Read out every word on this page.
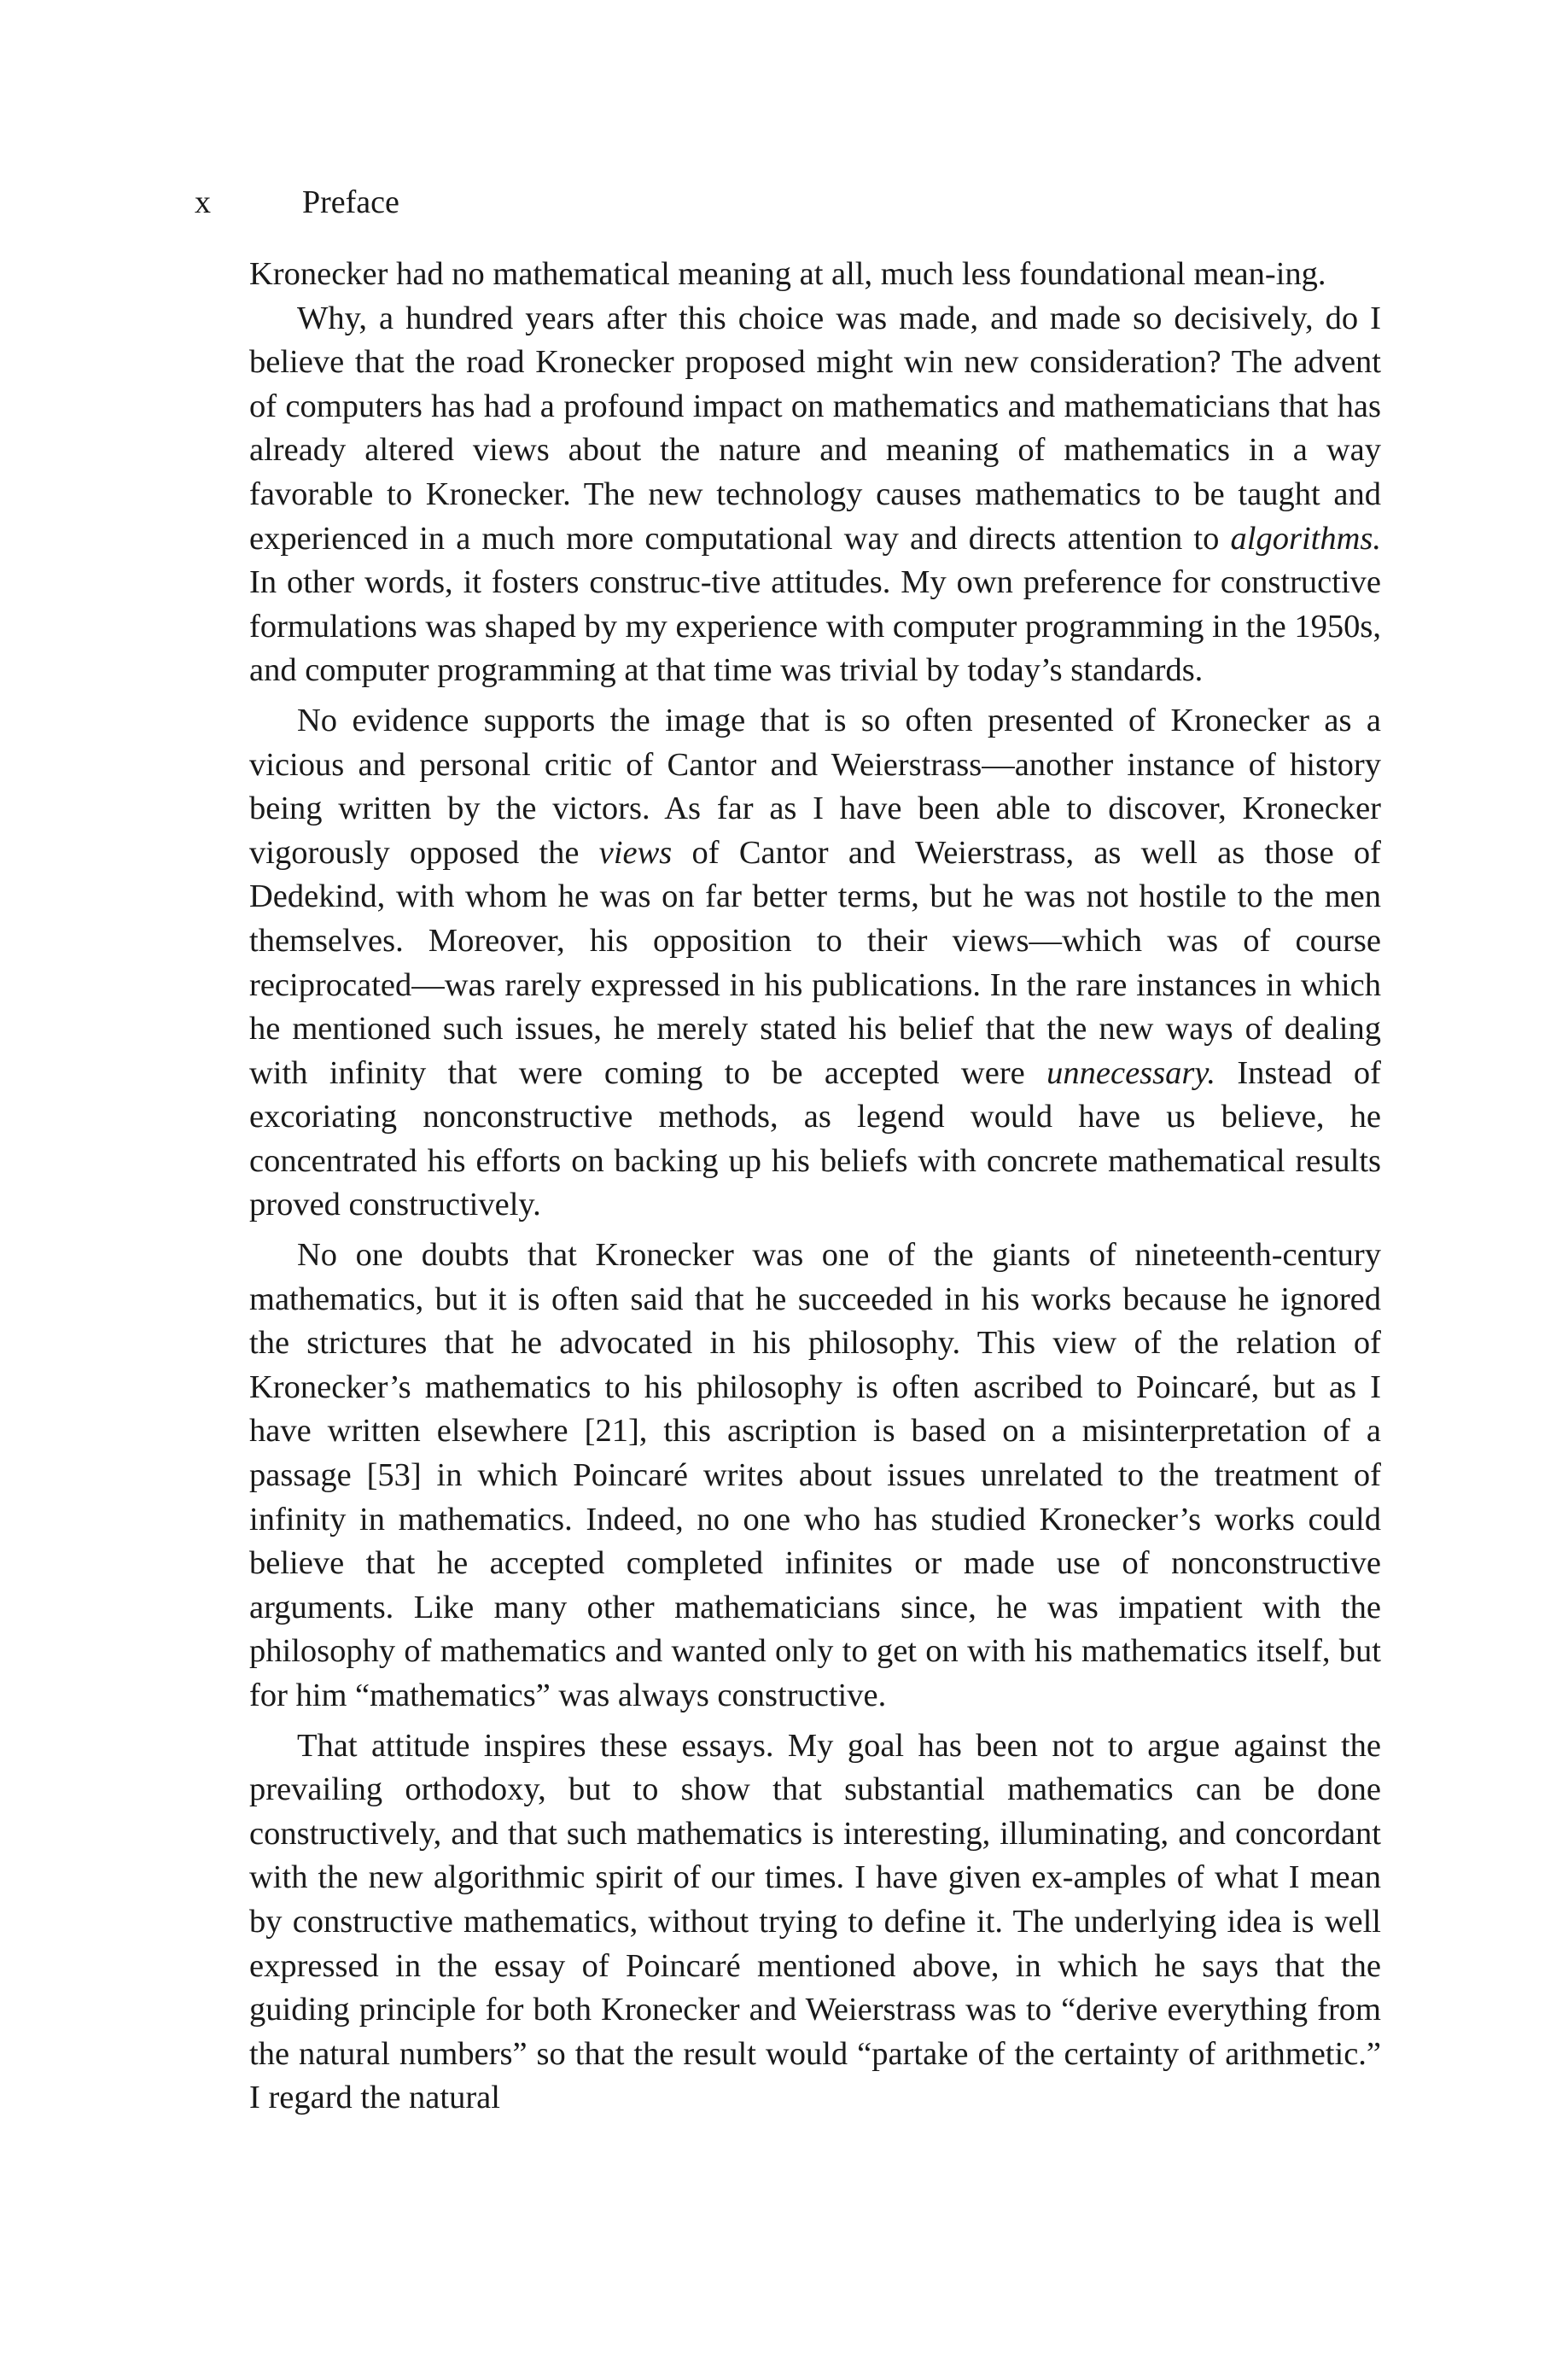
x	Preface

Kronecker had no mathematical meaning at all, much less foundational mean-ing.

Why, a hundred years after this choice was made, and made so decisively, do I believe that the road Kronecker proposed might win new consideration? The advent of computers has had a profound impact on mathematics and mathematicians that has already altered views about the nature and meaning of mathematics in a way favorable to Kronecker. The new technology causes mathematics to be taught and experienced in a much more computational way and directs attention to algorithms. In other words, it fosters construc-tive attitudes. My own preference for constructive formulations was shaped by my experience with computer programming in the 1950s, and computer programming at that time was trivial by today’s standards.

No evidence supports the image that is so often presented of Kronecker as a vicious and personal critic of Cantor and Weierstrass—another instance of history being written by the victors. As far as I have been able to discover, Kronecker vigorously opposed the views of Cantor and Weierstrass, as well as those of Dedekind, with whom he was on far better terms, but he was not hostile to the men themselves. Moreover, his opposition to their views—which was of course reciprocated—was rarely expressed in his publications. In the rare instances in which he mentioned such issues, he merely stated his belief that the new ways of dealing with infinity that were coming to be accepted were unnecessary. Instead of excoriating nonconstructive methods, as legend would have us believe, he concentrated his efforts on backing up his beliefs with concrete mathematical results proved constructively.

No one doubts that Kronecker was one of the giants of nineteenth-century mathematics, but it is often said that he succeeded in his works because he ignored the strictures that he advocated in his philosophy. This view of the relation of Kronecker’s mathematics to his philosophy is often ascribed to Poincaré, but as I have written elsewhere [21], this ascription is based on a misinterpretation of a passage [53] in which Poincaré writes about issues unrelated to the treatment of infinity in mathematics. Indeed, no one who has studied Kronecker’s works could believe that he accepted completed infinites or made use of nonconstructive arguments. Like many other mathematicians since, he was impatient with the philosophy of mathematics and wanted only to get on with his mathematics itself, but for him “mathematics” was always constructive.

That attitude inspires these essays. My goal has been not to argue against the prevailing orthodoxy, but to show that substantial mathematics can be done constructively, and that such mathematics is interesting, illuminating, and concordant with the new algorithmic spirit of our times. I have given ex-amples of what I mean by constructive mathematics, without trying to define it. The underlying idea is well expressed in the essay of Poincaré mentioned above, in which he says that the guiding principle for both Kronecker and Weierstrass was to “derive everything from the natural numbers” so that the result would “partake of the certainty of arithmetic.” I regard the natural
